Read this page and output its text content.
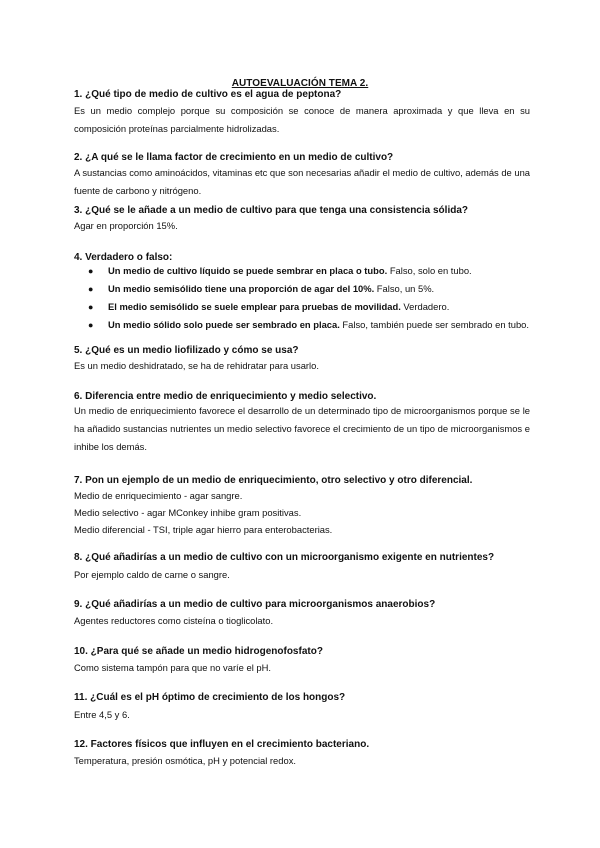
AUTOEVALUACIÓN TEMA 2.
1. ¿Qué tipo de medio de cultivo es el agua de peptona?
Es un medio complejo porque su composición se conoce de manera aproximada y que lleva en su composición proteínas parcialmente hidrolizadas.
2. ¿A qué se le llama factor de crecimiento en un medio de cultivo?
A sustancias como aminoácidos, vitaminas etc que son necesarias añadir el medio de cultivo, además de una fuente de carbono y nitrógeno.
3. ¿Qué se le añade a un medio de cultivo para que tenga una consistencia sólida?
Agar en proporción 15%.
4. Verdadero o falso:
● Un medio de cultivo líquido se puede sembrar en placa o tubo. Falso, solo en tubo.
● Un medio semisólido tiene una proporción de agar del 10%. Falso, un 5%.
● El medio semisólido se suele emplear para pruebas de movilidad. Verdadero.
● Un medio sólido solo puede ser sembrado en placa. Falso, también puede ser sembrado en tubo.
5. ¿Qué es un medio liofilizado y cómo se usa?
Es un medio deshidratado, se ha de rehidratar para usarlo.
6. Diferencia entre medio de enriquecimiento y medio selectivo.
Un medio de enriquecimiento favorece el desarrollo de un determinado tipo de microorganismos porque se le ha añadido sustancias nutrientes un medio selectivo favorece el crecimiento de un tipo de microorganismos e inhibe los demás.
7. Pon un ejemplo de un medio de enriquecimiento, otro selectivo y otro diferencial.
Medio de enriquecimiento - agar sangre.
Medio selectivo - agar MConkey inhibe gram positivas.
Medio diferencial - TSI, triple agar hierro para enterobacterias.
8. ¿Qué añadirías a un medio de cultivo con un microorganismo exigente en nutrientes?
Por ejemplo caldo de carne o sangre.
9. ¿Qué añadirías a un medio de cultivo para microorganismos anaerobios?
Agentes reductores como cisteína o tioglicolato.
10. ¿Para qué se añade un medio hidrogenofosfato?
Como sistema tampón para que no varíe el pH.
11. ¿Cuál es el pH óptimo de crecimiento de los hongos?
Entre 4,5 y 6.
12. Factores físicos que influyen en el crecimiento bacteriano.
Temperatura, presión osmótica, pH y potencial redox.
